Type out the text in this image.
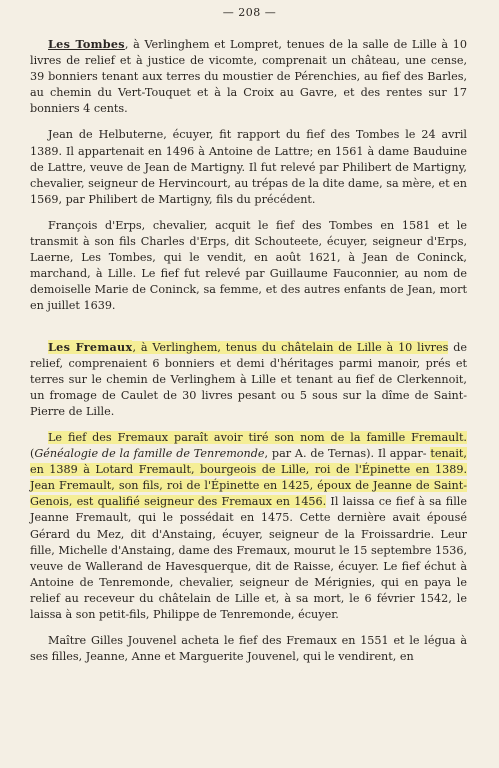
— 208 —

Les Tombes, à Verlinghem et Lompret, tenues de la salle de Lille à 10 livres de relief et à justice de vicomte, comprenait un château, une cense, 39 bonniers tenant aux terres du moustier de Pérenchies, au fief des Barles, au chemin du Vert-Touquet et à la Croix au Gavre, et des rentes sur 17 bonniers 4 cents.

Jean de Helbuterne, écuyer, fit rapport du fief des Tombes le 24 avril 1389. Il appartenait en 1496 à Antoine de Lattre; en 1561 à dame Bauduine de Lattre, veuve de Jean de Martigny. Il fut relevé par Philibert de Martigny, chevalier, seigneur de Hervincourt, au trépas de la dite dame, sa mère, et en 1569, par Philibert de Martigny, fils du précédent.

François d'Erps, chevalier, acquit le fief des Tombes en 1581 et le transmit à son fils Charles d'Erps, dit Schouteete, écuyer, seigneur d'Erps, Laerne, Les Tombes, qui le vendit, en août 1621, à Jean de Coninck, marchand, à Lille. Le fief fut relevé par Guillaume Fauconnier, au nom de demoiselle Marie de Coninck, sa femme, et des autres enfants de Jean, mort en juillet 1639.

Les Fremaux, à Verlinghem, tenus du châtelain de Lille à 10 livres de relief, comprenaient 6 bonniers et demi d'héritages parmi manoir, prés et terres sur le chemin de Verlinghem à Lille et tenant au fief de Clerkennoit, un fromage de Caulet de 30 livres pesant ou 5 sous sur la dîme de Saint-Pierre de Lille.

Le fief des Fremaux paraît avoir tiré son nom de la famille Fremault. (Généalogie de la famille de Tenremonde, par A. de Ternas). Il appar- tenait, en 1389 à Lotard Fremault, bourgeois de Lille, roi de l'Épinette en 1389. Jean Fremault, son fils, roi de l'Épinette en 1425, époux de Jeanne de Saint-Genois, est qualifié seigneur des Fremaux en 1456. Il laissa ce fief à sa fille Jeanne Fremault, qui le possédait en 1475. Cette dernière avait épousé Gérard du Mez, dit d'Anstaing, écuyer, seigneur de la Froissardrie. Leur fille, Michelle d'Anstaing, dame des Fremaux, mourut le 15 septembre 1536, veuve de Wallerand de Havesquerque, dit de Raisse, écuyer. Le fief échut à Antoine de Tenremonde, chevalier, seigneur de Mérignies, qui en paya le relief au receveur du châtelain de Lille et, à sa mort, le 6 février 1542, le laissa à son petit-fils, Philippe de Tenremonde, écuyer.

Maître Gilles Jouvenel acheta le fief des Fremaux en 1551 et le légua à ses filles, Jeanne, Anne et Marguerite Jouvenel, qui le vendirent, en
